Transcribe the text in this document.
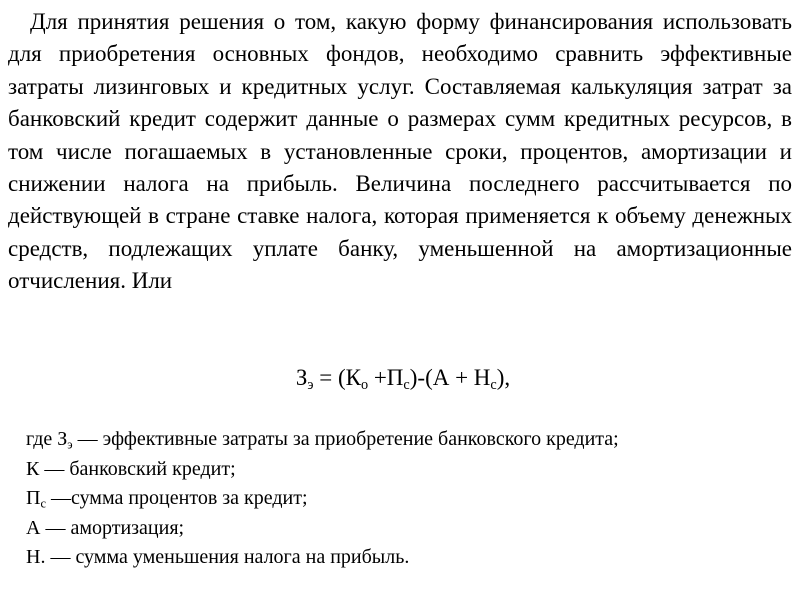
Для принятия решения о том, какую форму финансирования использовать для приобретения основных фондов, необходимо сравнить эффективные затраты лизинговых и кредитных услуг. Составляемая калькуляция затрат за банковский кредит содержит данные о размерах сумм кредитных ресурсов, в том числе погашаемых в установленные сроки, процентов, амортизации и снижении налога на прибыль. Величина последнего рассчитывается по действующей в стране ставке налога, которая применяется к объему денежных средств, подлежащих уплате банку, уменьшенной на амортизационные отчисления. Или

$З_э = (К_о +П_с)-(А + Н_с)$,

где $З_э$ — эффективные затраты за приобретение банковского кредита;
К — банковский кредит;
$П_с$ —сумма процентов за кредит;
А — амортизация;
Н. — сумма уменьшения налога на прибыль.
